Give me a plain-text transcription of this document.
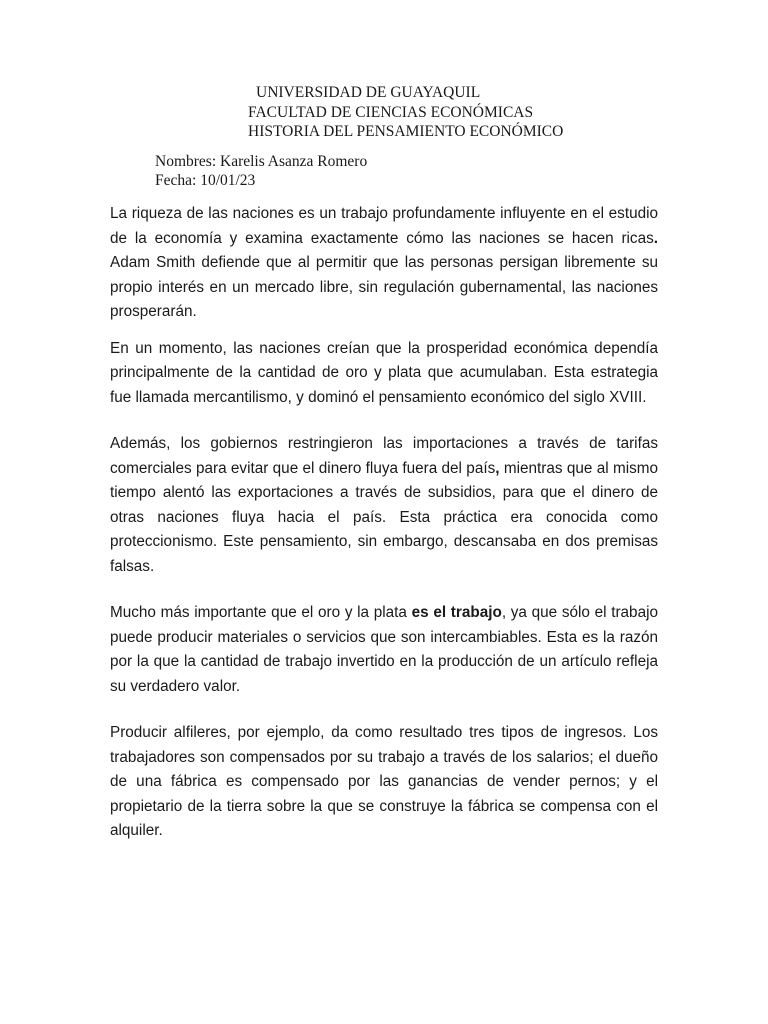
UNIVERSIDAD DE GUAYAQUIL
FACULTAD DE CIENCIAS ECONÓMICAS
HISTORIA DEL PENSAMIENTO ECONÓMICO
Nombres: Karelis Asanza Romero
Fecha: 10/01/23

La riqueza de las naciones es un trabajo profundamente influyente en el estudio de la economía y examina exactamente cómo las naciones se hacen ricas. Adam Smith defiende que al permitir que las personas persigan libremente su propio interés en un mercado libre, sin regulación gubernamental, las naciones prosperarán.

En un momento, las naciones creían que la prosperidad económica dependía principalmente de la cantidad de oro y plata que acumulaban. Esta estrategia fue llamada mercantilismo, y dominó el pensamiento económico del siglo XVIII.

Además, los gobiernos restringieron las importaciones a través de tarifas comerciales para evitar que el dinero fluya fuera del país, mientras que al mismo tiempo alentó las exportaciones a través de subsidios, para que el dinero de otras naciones fluya hacia el país. Esta práctica era conocida como proteccionismo. Este pensamiento, sin embargo, descansaba en dos premisas falsas.

Mucho más importante que el oro y la plata es el trabajo, ya que sólo el trabajo puede producir materiales o servicios que son intercambiables. Esta es la razón por la que la cantidad de trabajo invertido en la producción de un artículo refleja su verdadero valor.

Producir alfileres, por ejemplo, da como resultado tres tipos de ingresos. Los trabajadores son compensados por su trabajo a través de los salarios; el dueño de una fábrica es compensado por las ganancias de vender pernos; y el propietario de la tierra sobre la que se construye la fábrica se compensa con el alquiler.
